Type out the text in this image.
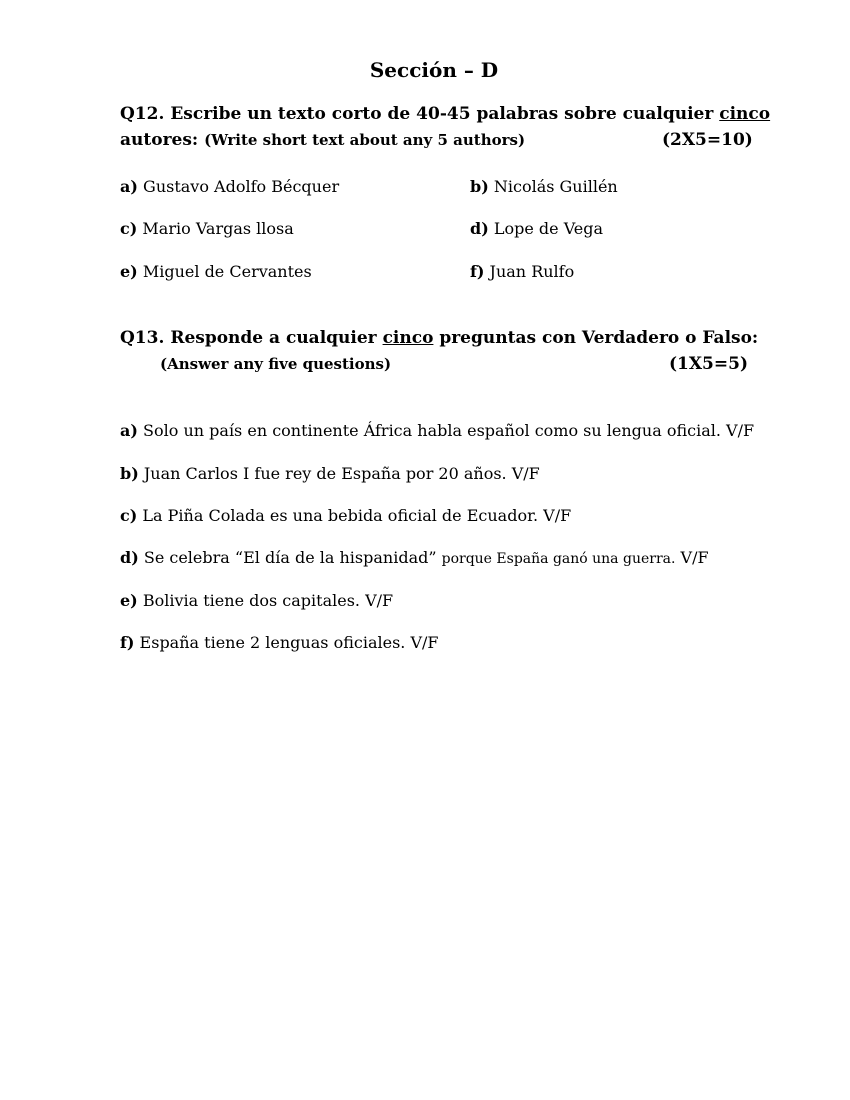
Sección – D
Q12. Escribe un texto corto de 40-45 palabras sobre cualquier cinco
autores: (Write short text about any 5 authors)	(2X5=10)
a) Gustavo Adolfo Bécquer	b) Nicolás Guillén
c) Mario Vargas llosa	d) Lope de Vega
e) Miguel de Cervantes	f) Juan Rulfo
Q13. Responde a cualquier cinco preguntas con Verdadero o Falso:
(Answer any five questions)	(1X5=5)
a) Solo un país en continente África habla español como su lengua oficial. V/F
b) Juan Carlos I fue rey de España por 20 años. V/F
c) La Piña Colada es una bebida oficial de Ecuador. V/F
d) Se celebra “El día de la hispanidad” porque España ganó una guerra. V/F
e) Bolivia tiene dos capitales. V/F
f) España tiene 2 lenguas oficiales. V/F
